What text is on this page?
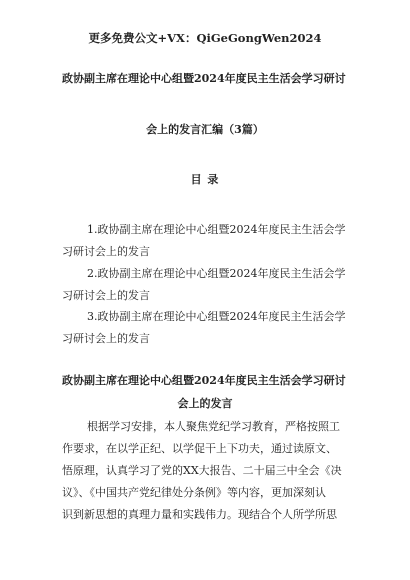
更多免费公文+VX：QiGeGongWen2024
政协副主席在理论中心组暨2024年度民主生活会学习研讨
会上的发言汇编（3篇）
目 录
1.政协副主席在理论中心组暨2024年度民主生活会学
习研讨会上的发言
2.政协副主席在理论中心组暨2024年度民主生活会学
习研讨会上的发言
3.政协副主席在理论中心组暨2024年度民主生活会学
习研讨会上的发言
政协副主席在理论中心组暨2024年度民主生活会学习研讨
会上的发言
根据学习安排，本人聚焦党纪学习教育，严格按照工
作要求，在以学正纪、以学促干上下功夫，通过读原文、
悟原理，认真学习了党的XX大报告、二十届三中全会《决
议》、《中国共产党纪律处分条例》等内容，更加深刻认
识到新思想的真理力量和实践伟力。现结合个人所学所思
